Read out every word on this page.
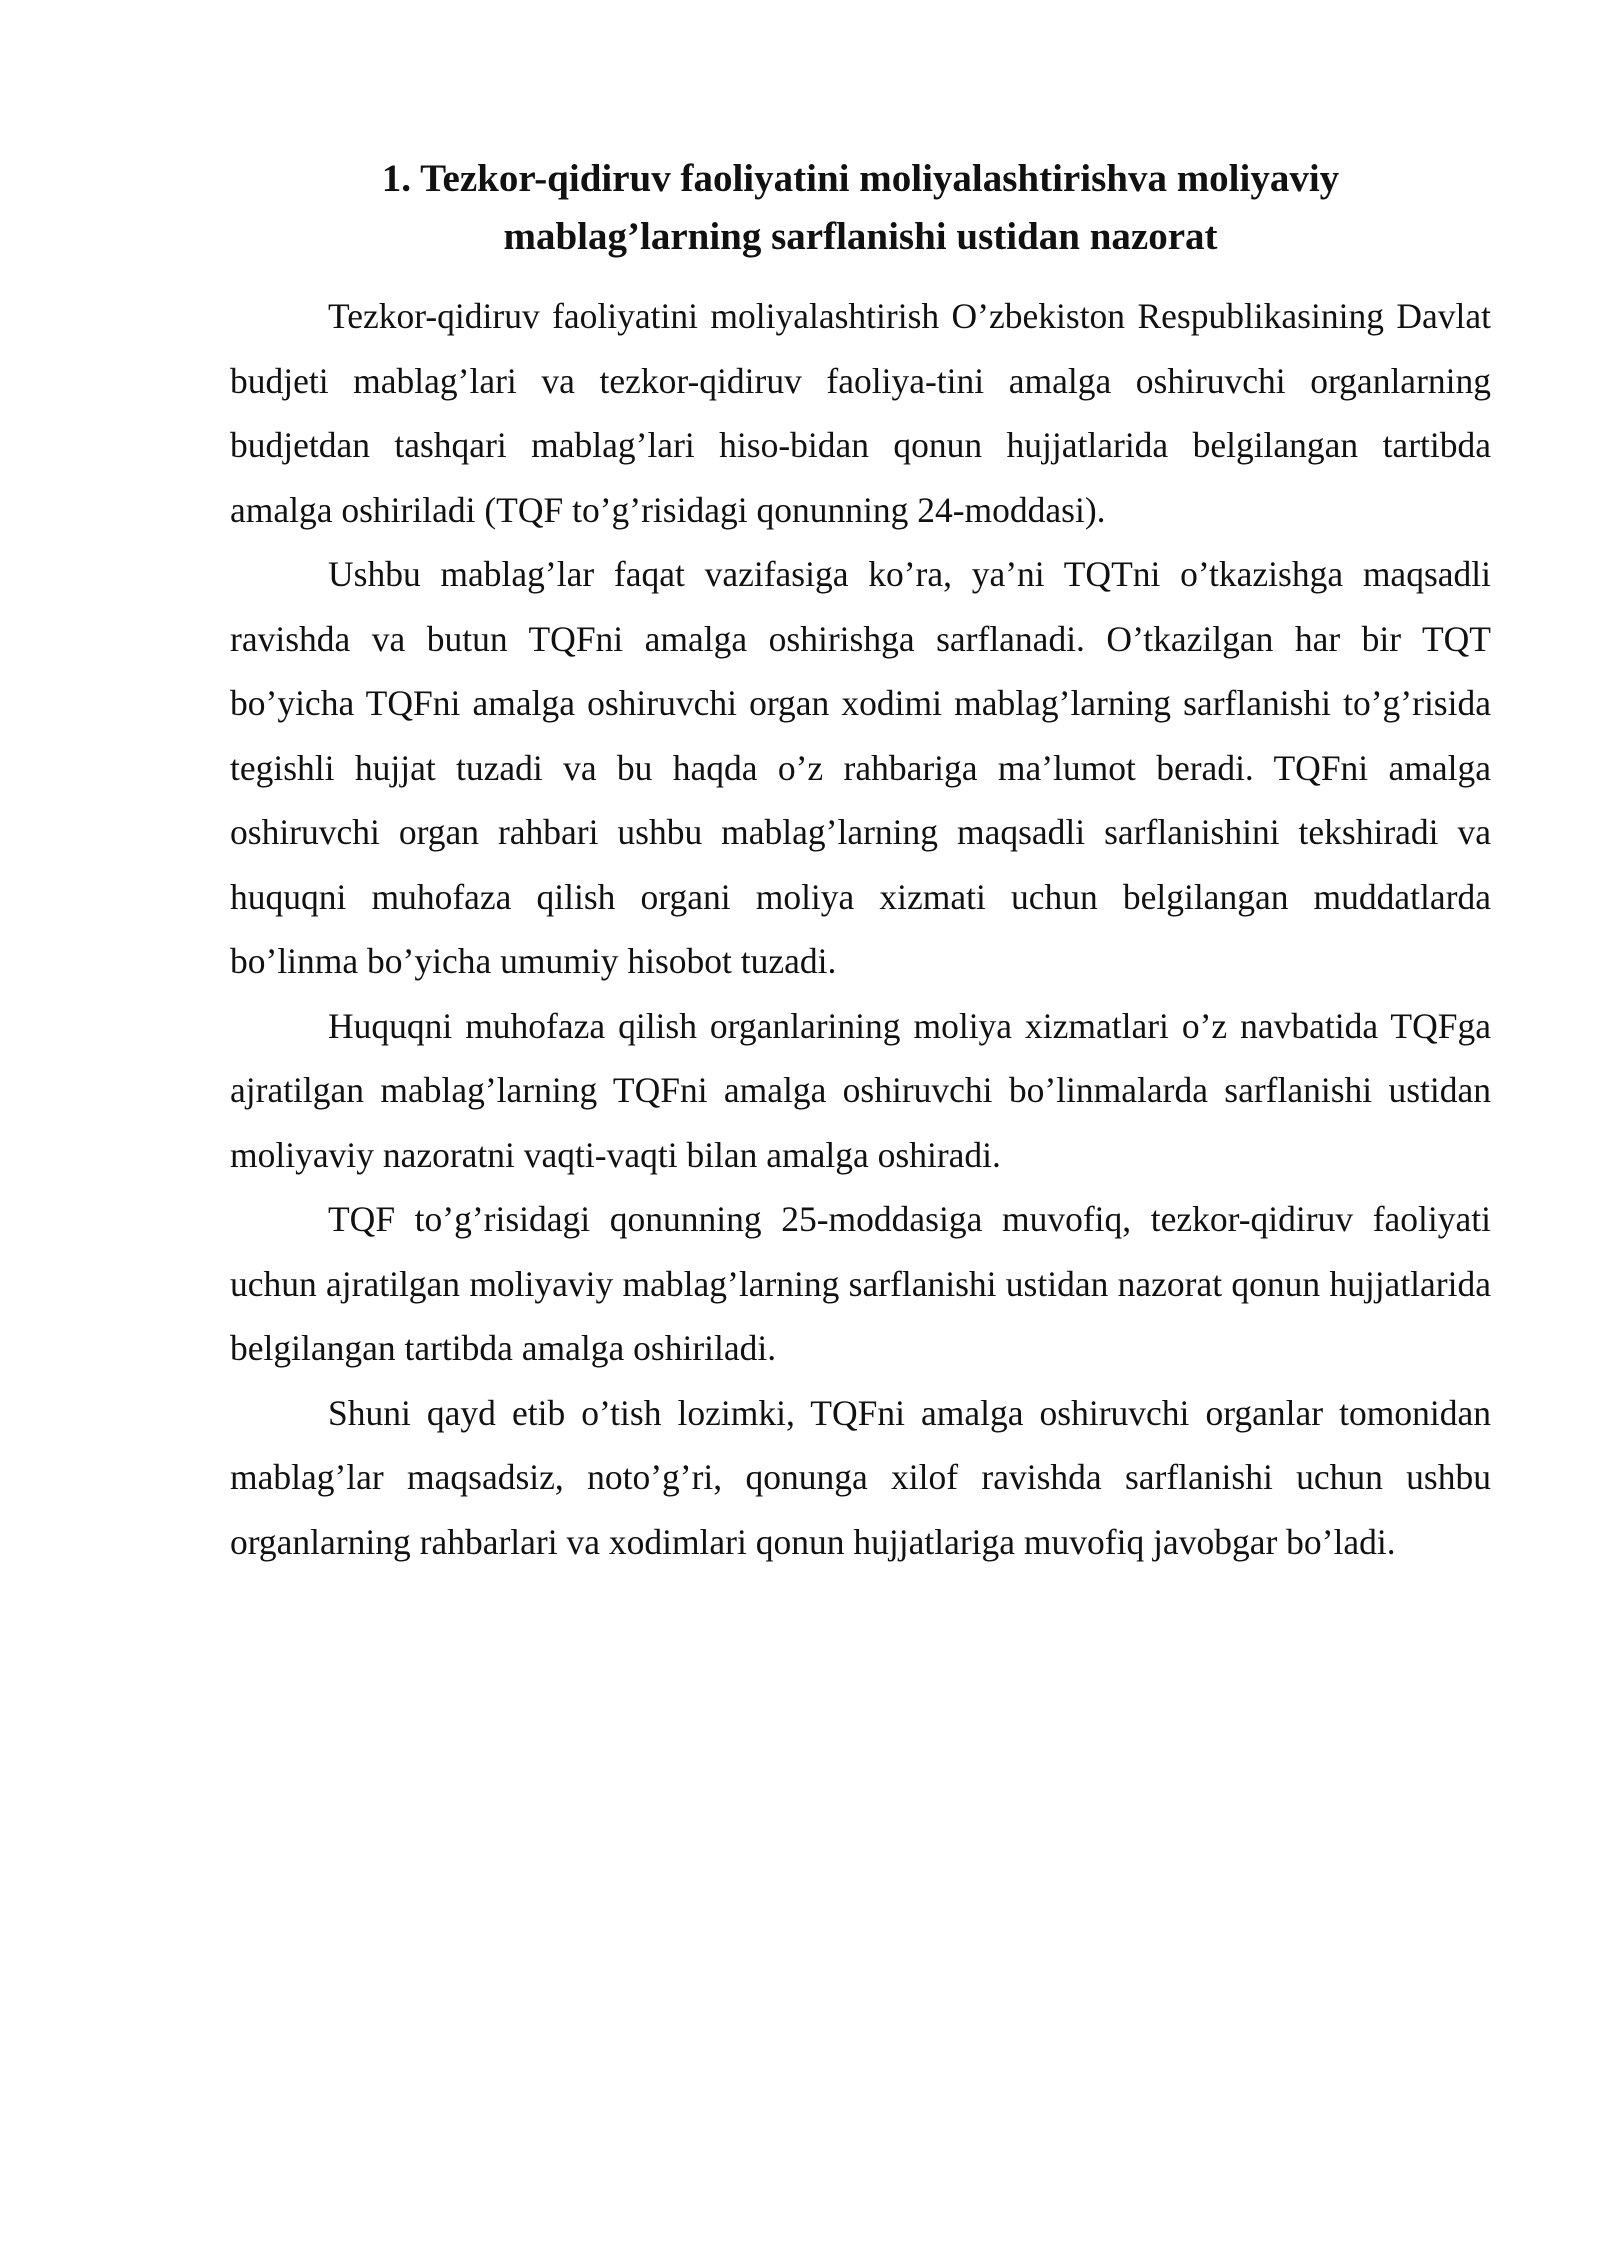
1. Tezkor-qidiruv faoliyatini moliyalashtirishva moliyaviy
mablag’larning sarflanishi ustidan nazorat

Tezkor-qidiruv faoliyatini moliyalashtirish O’zbekiston Respublikasining Davlat budjeti mablag’lari va tezkor-qidiruv faoliya-tini amalga oshiruvchi organlarning budjetdan tashqari mablag’lari hiso-bidan qonun hujjatlarida belgilangan tartibda amalga oshiriladi (TQF to’g’risidagi qonunning 24-moddasi).

Ushbu mablag’lar faqat vazifasiga ko’ra, ya’ni TQTni o’tkazishga maqsadli ravishda va butun TQFni amalga oshirishga sarflanadi. O’tkazilgan har bir TQT bo’yicha TQFni amalga oshiruvchi organ xodimi mablag’larning sarflanishi to’g’risida tegishli hujjat tuzadi va bu haqda o’z rahbariga ma’lumot beradi. TQFni amalga oshiruvchi organ rahbari ushbu mablag’larning maqsadli sarflanishini tekshiradi va huquqni muhofaza qilish organi moliya xizmati uchun belgilangan muddatlarda bo’linma bo’yicha umumiy hisobot tuzadi.

Huquqni muhofaza qilish organlarining moliya xizmatlari o’z navbatida TQFga ajratilgan mablag’larning TQFni amalga oshiruvchi bo’linmalarda sarflanishi ustidan moliyaviy nazoratni vaqti-vaqti bilan amalga oshiradi.

TQF to’g’risidagi qonunning 25-moddasiga muvofiq, tezkor-qidiruv faoliyati uchun ajratilgan moliyaviy mablag’larning sarflanishi ustidan nazorat qonun hujjatlarida belgilangan tartibda amalga oshiriladi.

Shuni qayd etib o’tish lozimki, TQFni amalga oshiruvchi organlar tomonidan mablag’lar maqsadsiz, noto’g’ri, qonunga xilof ravishda sarflanishi uchun ushbu organlarning rahbarlari va xodimlari qonun hujjatlariga muvofiq javobgar bo’ladi.
